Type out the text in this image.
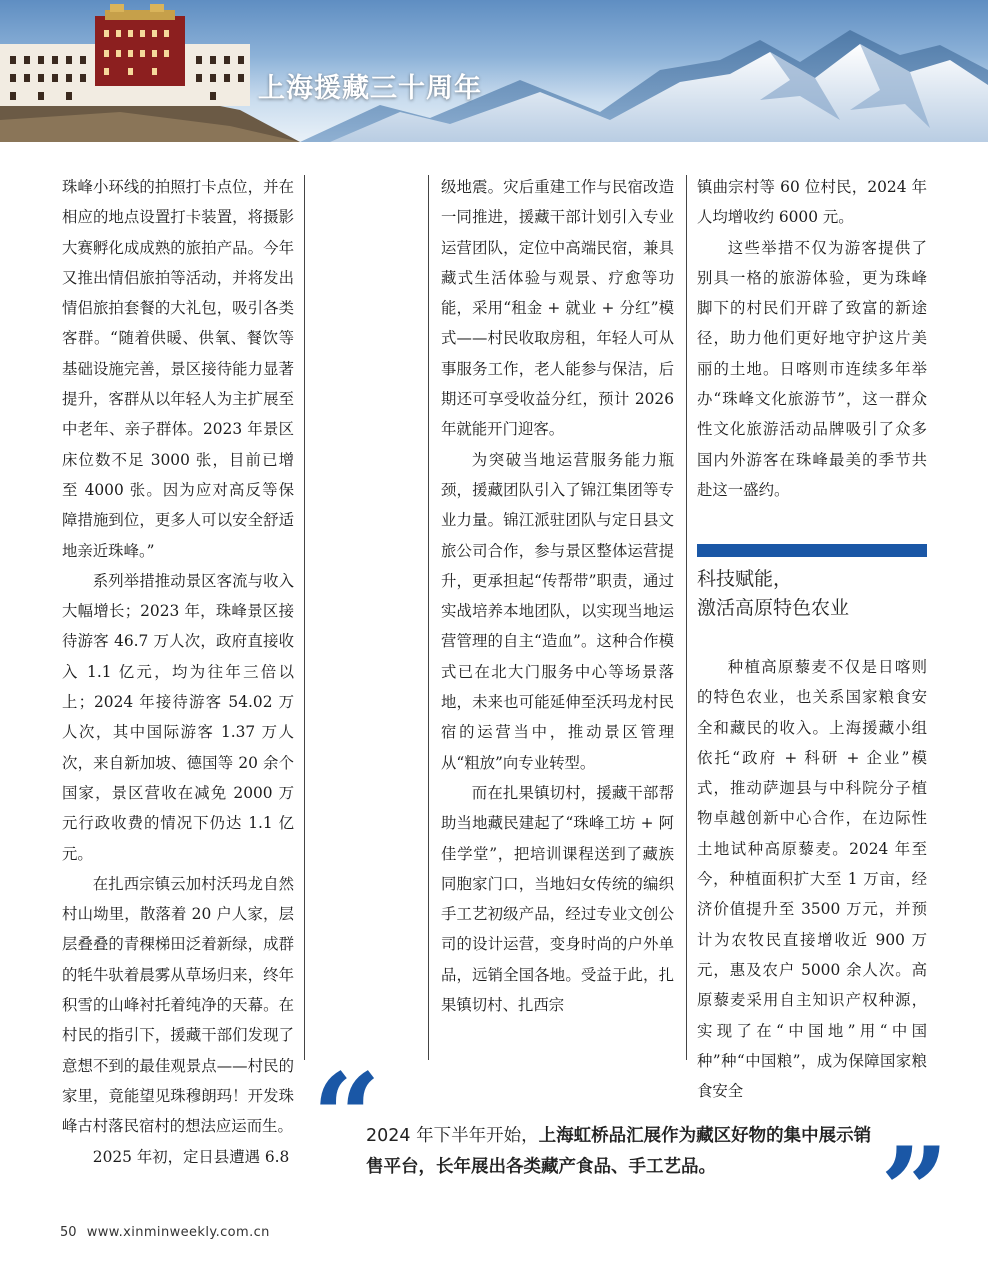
上海援藏三十周年

珠峰小环线的拍照打卡点位，并在相应的地点设置打卡装置，将摄影大赛孵化成成熟的旅拍产品。今年又推出情侣旅拍等活动，并将发出情侣旅拍套餐的大礼包，吸引各类客群。“随着供暖、供氧、餐饮等基础设施完善，景区接待能力显著提升，客群从以年轻人为主扩展至中老年、亲子群体。2023 年景区床位数不足 3000 张，目前已增至 4000 张。因为应对高反等保障措施到位，更多人可以安全舒适地亲近珠峰。”

系列举措推动景区客流与收入大幅增长；2023 年，珠峰景区接待游客 46.7 万人次，政府直接收入 1.1 亿元，均为往年三倍以上；2024 年接待游客 54.02 万人次，其中国际游客 1.37 万人次，来自新加坡、德国等 20 余个国家，景区营收在减免 2000 万元行政收费的情况下仍达 1.1 亿元。

在扎西宗镇云加村沃玛龙自然村山坳里，散落着 20 户人家，层层叠叠的青稞梯田泛着新绿，成群的牦牛驮着晨雾从草场归来，终年积雪的山峰衬托着纯净的天幕。在村民的指引下，援藏干部们发现了意想不到的最佳观景点——村民的家里，竟能望见珠穆朗玛！开发珠峰古村落民宿村的想法应运而生。

2025 年初，定日县遭遇 6.8

级地震。灾后重建工作与民宿改造一同推进，援藏干部计划引入专业运营团队，定位中高端民宿，兼具藏式生活体验与观景、疗愈等功能，采用“租金 + 就业 + 分红”模式——村民收取房租，年轻人可从事服务工作，老人能参与保洁，后期还可享受收益分红，预计 2026 年就能开门迎客。

为突破当地运营服务能力瓶颈，援藏团队引入了锦江集团等专业力量。锦江派驻团队与定日县文旅公司合作，参与景区整体运营提升，更承担起“传帮带”职责，通过实战培养本地团队，以实现当地运营管理的自主“造血”。这种合作模式已在北大门服务中心等场景落地，未来也可能延伸至沃玛龙村民宿的运营当中，推动景区管理从“粗放”向专业转型。

而在扎果镇切村，援藏干部帮助当地藏民建起了“珠峰工坊 + 阿佳学堂”，把培训课程送到了藏族同胞家门口，当地妇女传统的编织手工艺初级产品，经过专业文创公司的设计运营，变身时尚的户外单品，远销全国各地。受益于此，扎果镇切村、扎西宗

镇曲宗村等 60 位村民，2024 年人均增收约 6000 元。

这些举措不仅为游客提供了别具一格的旅游体验，更为珠峰脚下的村民们开辟了致富的新途径，助力他们更好地守护这片美丽的土地。日喀则市连续多年举办“珠峰文化旅游节”，这一群众性文化旅游活动品牌吸引了众多国内外游客在珠峰最美的季节共赴这一盛约。

科技赋能，
激活高原特色农业

种植高原藜麦不仅是日喀则的特色农业，也关系国家粮食安全和藏民的收入。上海援藏小组依托“政府 + 科研 + 企业”模式，推动萨迦县与中科院分子植物卓越创新中心合作，在边际性土地试种高原藜麦。2024 年至今，种植面积扩大至 1 万亩，经济价值提升至 3500 万元，并预计为农牧民直接增收近 900 万元，惠及农户 5000 余人次。高原藜麦采用自主知识产权种源，实现了在“中国地”用“中国种”种“中国粮”，成为保障国家粮食安全

“
2024 年下半年开始，上海虹桥品汇展作为藏区好物的集中展示销售平台，长年展出各类藏产食品、手工艺品。	”
50 www.xinminweekly.com.cn
